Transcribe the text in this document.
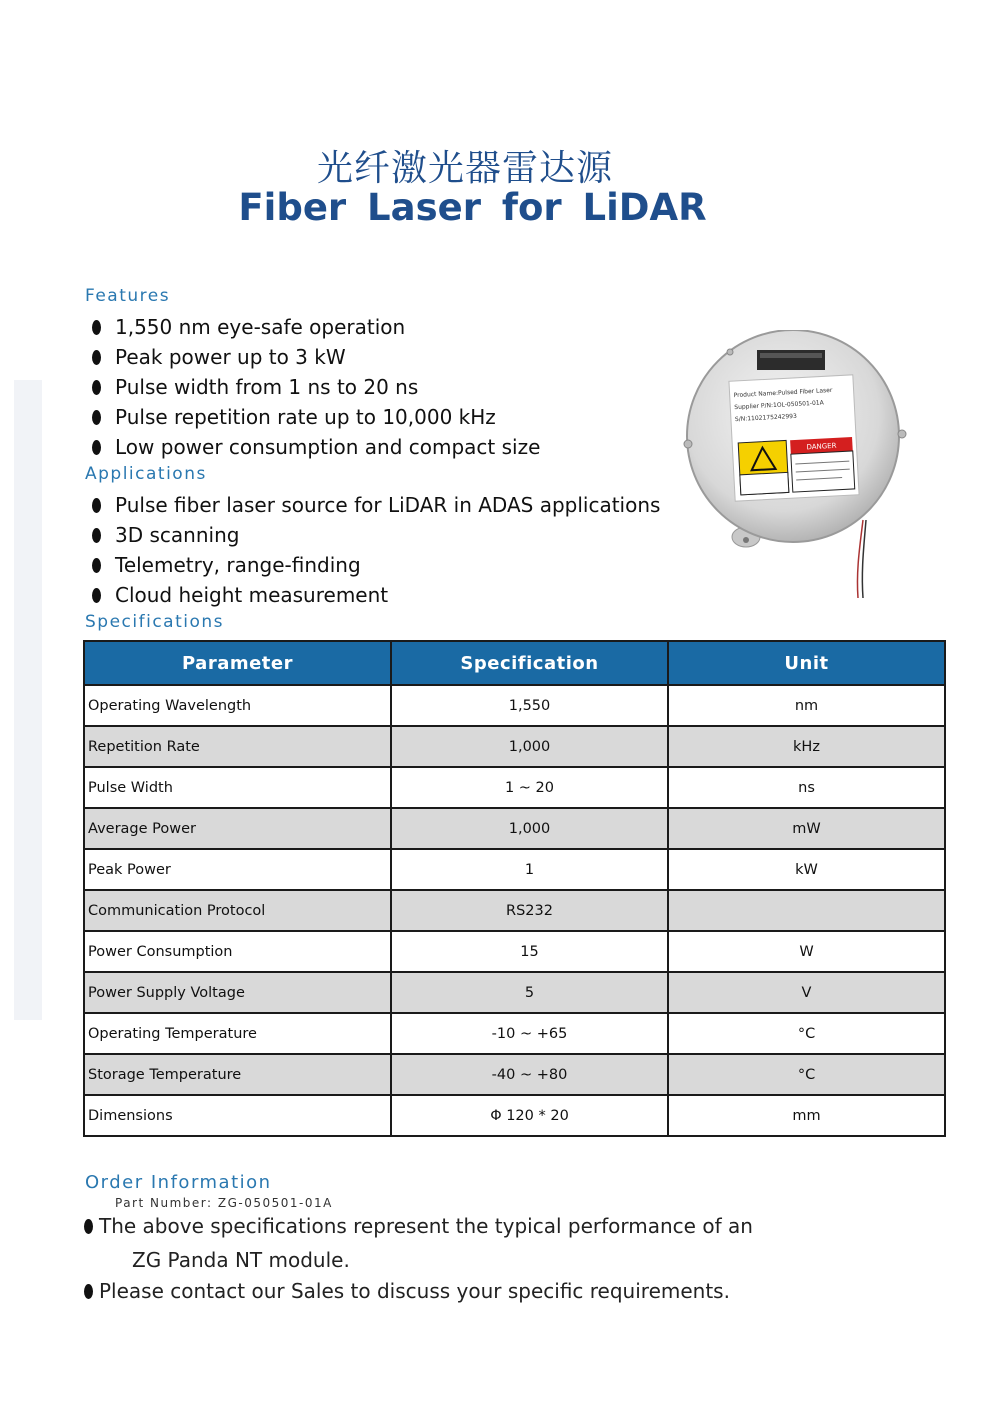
光纤激光器雷达源
Fiber Laser for LiDAR
Features
1,550 nm eye-safe operation
Peak power up to 3 kW
Pulse width from 1 ns to 20 ns
Pulse repetition rate up to 10,000 kHz
Low power consumption and compact size
Applications
Pulse fiber laser source for LiDAR in ADAS applications
3D scanning
Telemetry, range-finding
Cloud height measurement
Product Name:Pulsed Fiber Laser
Supplier P/N:1OL-050501-01A
S/N:1102175242993
DANGER
Specifications
Parameter	Specification	Unit
Operating Wavelength	1,550	nm
Repetition Rate	1,000	kHz
Pulse Width	1 ~ 20	ns
Average Power	1,000	mW
Peak Power	1	kW
Communication Protocol	RS232	
Power Consumption	15	W
Power Supply Voltage	5	V
Operating Temperature	-10 ~ +65	°C
Storage Temperature	-40 ~ +80	°C
Dimensions	Φ 120 * 20	mm
Order Information
Part Number: ZG-050501-01A
The above specifications represent the typical performance of an
ZG Panda NT module.
Please contact our Sales to discuss your specific requirements.
